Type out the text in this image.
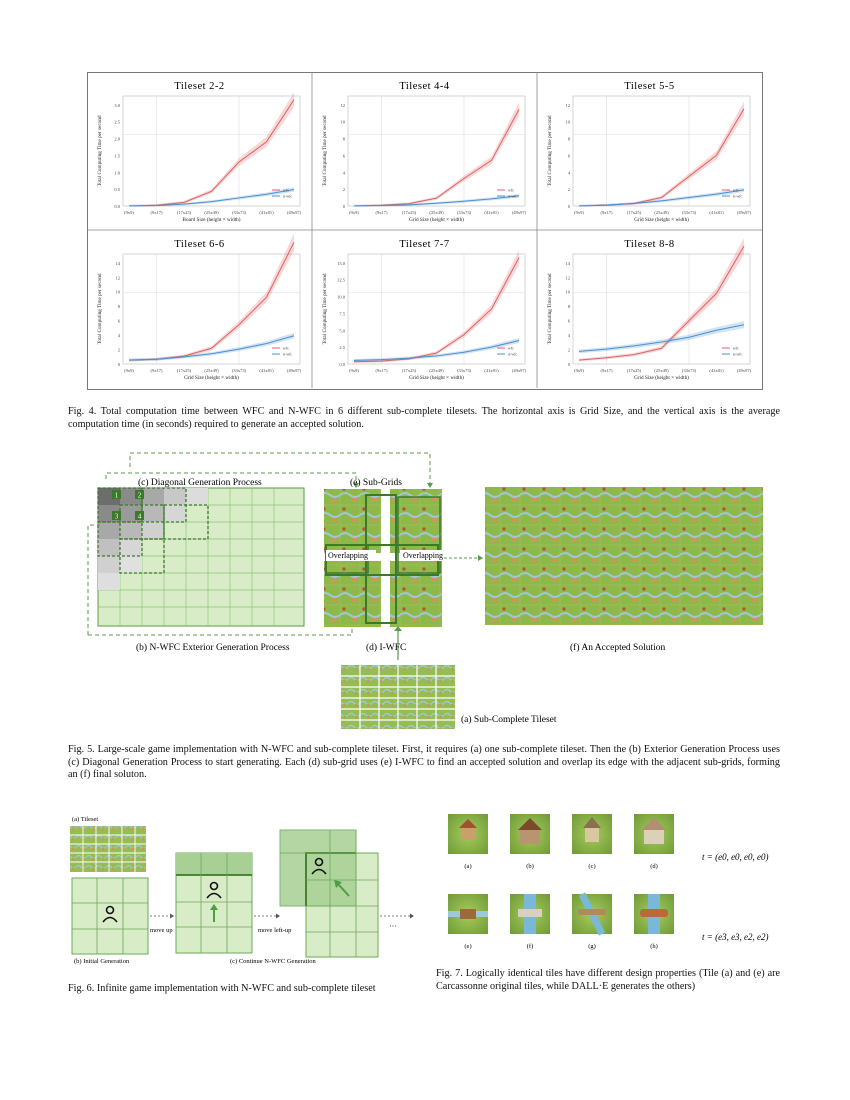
Tileset 2-2
0.0
0.5
1.0
1.5
2.0
2.5
3.0
(9x9)	(9x17)	(17x25)	(25x49)	(33x73)	(41x81)	(49x97)
Board Size (height × width)
Total Computing Time per second
wfc
n-wfc
Tileset 4-4
0
2
4
6
8
10
12
(9x9)	(9x17)	(17x25)	(25x49)	(33x73)	(41x81)	(49x97)
Grid Size (height × width)
Total Computing Time per second
wfc
n-wfc
Tileset 5-5
0
2
4
6
8
10
12
(9x9)	(9x17)	(17x25)	(25x49)	(33x73)	(41x81)	(49x97)
Grid Size (height × width)
Total Computing Time per second
wfc
n-wfc
Tileset 6-6
0
2
4
6
8
10
12
14
(9x9)	(9x17)	(17x25)	(25x49)	(33x73)	(41x81)	(49x97)
Grid Size (height × width)
Total Computing Time per second
wfc
n-wfc
Tileset 7-7
0.0
2.5
5.0
7.5
10.0
12.5
15.0
(9x9)	(9x17)	(17x25)	(25x49)	(33x73)	(41x81)	(49x97)
Grid Size (height × width)
Total Computing Time per second
wfc
n-wfc
Tileset 8-8
0
2
4
6
8
10
12
14
(9x9)	(9x17)	(17x25)	(25x49)	(33x73)	(41x81)	(49x97)
Grid Size (height × width)
Total Computing Time per second
wfc
n-wfc
Fig. 4. Total computation time between WFC and N-WFC in 6 different sub-complete tilesets. The horizontal axis is Grid Size, and the vertical axis is the average computation time (in seconds) required to generate an accepted solution.
1	2
3	4
(c) Diagonal Generation Process
(b) N-WFC Exterior Generation Process
(e) Sub-Grids
Overlapping	Overlapping
(d) I-WFC	(f) An Accepted Solution
(a) Sub-Complete Tileset
Fig. 5. Large-scale game implementation with N-WFC and sub-complete tileset. First, it requires (a) one sub-complete tileset. Then the (b) Exterior Generation Process uses (c) Diagonal Generation Process to start generating. Each (d) sub-grid uses (e) I-WFC to find an accepted solution and overlap its edge with the adjacent sub-grids, forming an (f) final soluton.
(a) Tileset
(b) Initial Generation
move up	move left-up	···
(c) Continue N-WFC Generation
Fig. 6. Infinite game implementation with N-WFC and sub-complete tileset
(a)	(b)	(c)	(d)
t = (e0, e0, e0, e0)
(e)	(f)	(g)	(h)
t = (e3, e3, e2, e2)
Fig. 7. Logically identical tiles have different design properties (Tile (a) and (e) are Carcassonne original tiles, while DALL·E generates the others)
